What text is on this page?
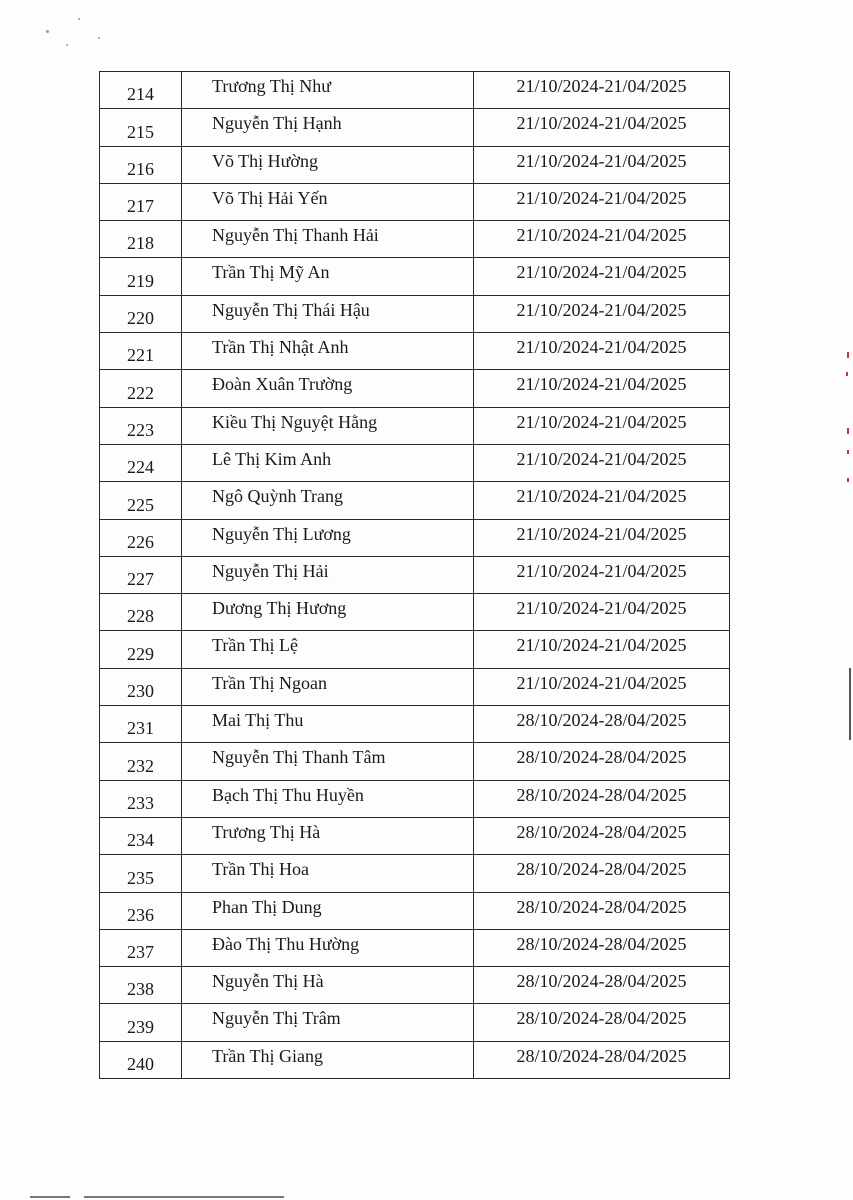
214	Trương Thị Như	21/10/2024-21/04/2025
215	Nguyễn Thị Hạnh	21/10/2024-21/04/2025
216	Võ Thị Hường	21/10/2024-21/04/2025
217	Võ Thị Hải Yến	21/10/2024-21/04/2025
218	Nguyễn Thị Thanh Hải	21/10/2024-21/04/2025
219	Trần Thị Mỹ An	21/10/2024-21/04/2025
220	Nguyễn Thị Thái Hậu	21/10/2024-21/04/2025
221	Trần Thị Nhật Anh	21/10/2024-21/04/2025
222	Đoàn Xuân Trường	21/10/2024-21/04/2025
223	Kiều Thị Nguyệt Hằng	21/10/2024-21/04/2025
224	Lê Thị Kim Anh	21/10/2024-21/04/2025
225	Ngô Quỳnh Trang	21/10/2024-21/04/2025
226	Nguyễn Thị Lương	21/10/2024-21/04/2025
227	Nguyễn Thị Hải	21/10/2024-21/04/2025
228	Dương Thị Hương	21/10/2024-21/04/2025
229	Trần Thị Lệ	21/10/2024-21/04/2025
230	Trần Thị Ngoan	21/10/2024-21/04/2025
231	Mai Thị Thu	28/10/2024-28/04/2025
232	Nguyễn Thị Thanh Tâm	28/10/2024-28/04/2025
233	Bạch Thị Thu Huyền	28/10/2024-28/04/2025
234	Trương Thị Hà	28/10/2024-28/04/2025
235	Trần Thị Hoa	28/10/2024-28/04/2025
236	Phan Thị Dung	28/10/2024-28/04/2025
237	Đào Thị Thu Hường	28/10/2024-28/04/2025
238	Nguyễn Thị Hà	28/10/2024-28/04/2025
239	Nguyễn Thị Trâm	28/10/2024-28/04/2025
240	Trần Thị Giang	28/10/2024-28/04/2025
